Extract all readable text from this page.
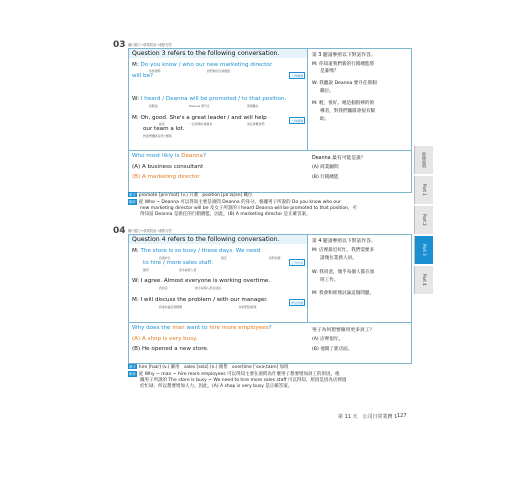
03 圖片聽力→情境對話→重點句型
Question 3 refers to the following conversation.	第 3 題請參照以下對話作答。
M: Do you know / who our new marketing director
你知道嗎	我們新的行銷總監
will be?	人物職稱
W: I heard / Deanna will be promoted / to that position.
我聽說	Deanna 將升任	那個職位
M: Oh, good. She's a great leader / and will help
她是	一位很棒的領導者	而且會幫我們
our team a lot.
對我們團隊有很大幫助
人物職稱
M: 你知道我們新的行銷總監將
是誰嗎？
W: 我聽說 Deanna 要升任那個
職位。
M: 喔，很好。她是個很棒的領
導者，對我們團隊會很有幫
助。
Who most likly is Deanna?	Deanna 最有可能是誰？
(A) A business consultant
(B) A marketing director
(A) 商業顧問
(B) 行銷總監
單字 promote [prəˈmot] (v.) 升遷　position [pəˈzɪʃən] 職位
解析 從 Who ~ Deanna 可以得知主要是詢問 Deanna 的身分。根據男子所說的 Do you know who our
new marketing director will be 及女子所說的 I heard Deanna will be promoted to that position，可
得知道 Deanna 是新任的行銷總監，因此，(B) A marketing director 是正確答案。
04 圖片聽力→情境對話→重點句型
Question 4 refers to the following conversation.	第 4 題請參照以下對話作答。
M: The store is so busy / these days. We need
店裡好忙	最近	我們需要
to hire / more sales staff.
僱用	更多銷售人員
工作內容
W: I agree. Almost everyone is working overtime.
我同意	幾乎每個人都在加班
M: I will discuss the problem / with our manager.
我會討論這個問題	和我們的經理
想法改變
M: 店裡最近好忙，我們需要多
請幾位業務人員。
W: 我同意，幾乎每個人都在加
班工作。
M: 我會和經理討論這個問題。
Why does the man want to hire more employees?	男子為何想要僱用更多員工？
(A) A shop is very busy.
(B) He opened a new store.
(A) 店裡很忙。
(B) 他開了新店面。
單字 hire [haɪr] (v.) 僱用　sales [selz] (n.) 銷售　overtime [ˈovɚˌtaɪm] 加班
解析 從 Why ~ man ~ hire more employees 可以得知主要在詢問為什麼男子想要增加員工的原因。根
據男子所說的 The store is busy ~ We need to hire more sales staff 可以得知，原因是因為店裡過
於忙碌，所以想要增加人力。因此，(A) A shop is very busy 是正確答案。
收錄說明
Part 1
Part 2
Part 3
Part 4
第 11 天　公司日常業務 1 127
